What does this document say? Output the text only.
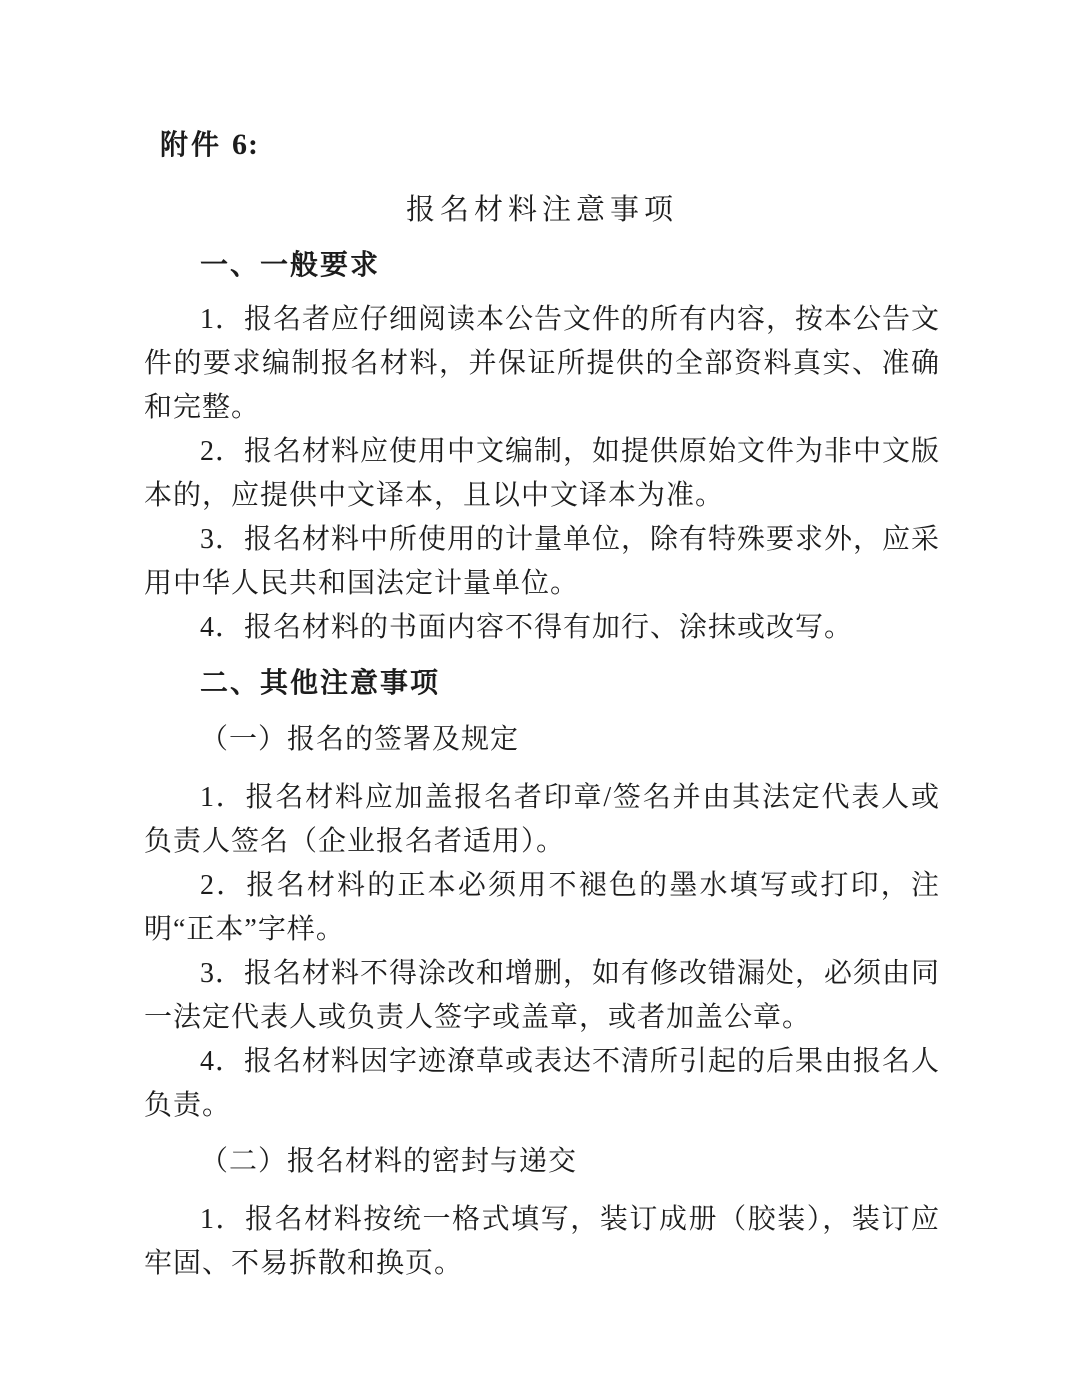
附件 6:

报名材料注意事项
一、一般要求

1．报名者应仔细阅读本公告文件的所有内容，按本公告文件的要求编制报名材料，并保证所提供的全部资料真实、准确和完整。

2．报名材料应使用中文编制，如提供原始文件为非中文版本的，应提供中文译本，且以中文译本为准。

3．报名材料中所使用的计量单位，除有特殊要求外，应采用中华人民共和国法定计量单位。

4．报名材料的书面内容不得有加行、涂抹或改写。

二、其他注意事项
（一）报名的签署及规定

1．报名材料应加盖报名者印章/签名并由其法定代表人或负责人签名（企业报名者适用）。

2．报名材料的正本必须用不褪色的墨水填写或打印，注明“正本”字样。

3．报名材料不得涂改和增删，如有修改错漏处，必须由同一法定代表人或负责人签字或盖章，或者加盖公章。

4．报名材料因字迹潦草或表达不清所引起的后果由报名人负责。

（二）报名材料的密封与递交

1．报名材料按统一格式填写，装订成册（胶装），装订应牢固、不易拆散和换页。
